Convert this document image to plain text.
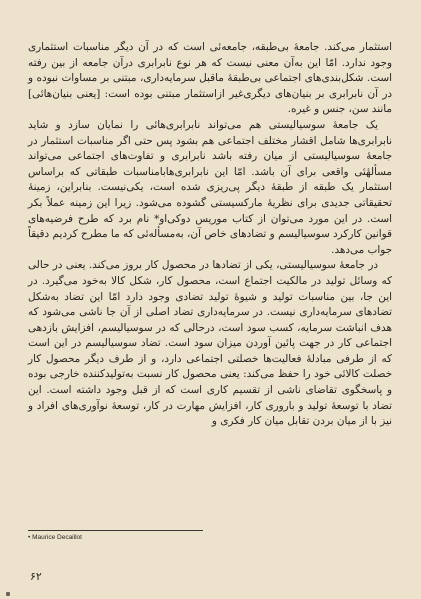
استثمار می‌کند. جامعهٔ بی‌طبقه، جامعه‌ئی است که در آن دیگر مناسبات استثماری وجود ندارد. امّا این به‌آن معنی نیست که هر نوع نابرابری درآن جامعه از بین رفته است. شکل‌بندی‌های اجتماعی بی‌طبقهٔ ماقبل سرمایه‌داری، مبتنی بر مساوات نبوده و در آن نابرابری بر بنیان‌های دیگری‌غیر ازاستثمار مبتنی بوده است: [یعنی بنیان‌هائی] مانند سن، جنس و غیره.

یک جامعهٔ سوسیالیستی هم می‌تواند نابرابری‌هائی را نمایان سازد و شاید نابرابری‌ها شامل اقشار مختلف اجتماعی هم بشود پس حتی اگر مناسبات استثمار در جامعهٔ سوسیالیستی از میان رفته باشد نابرابری و تفاوت‌های اجتماعی می‌تواند مسألهٔئی واقعی برای آن باشد. امّا این نابرابری‌هابامناسبات طبقاتی که براساس استثمار یک طبقه از طبقهٔ دیگر پی‌ریزی شده است، یکی‌نیست. بنابراین، زمینهٔ تحقیقاتی جدیدی برای نظریهٔ مارکسیستی گشوده می‌شود. زیرا این زمینه عملاً بکر است. در این مورد می‌توان از کتاب موریس دوکی‌او* نام برد که طرح فرضیه‌های قوانین کارکرد سوسیالیسم و تضادهای خاص آن، به‌مسأله‌ئی که ما مطرح کردیم دقیقاً جواب می‌دهد.

در جامعهٔ سوسیالیستی، یکی از تضادها در محصول کار بروز می‌کند. یعنی در حالی که وسائل تولید در مالکیت اجتماع است، محصول کار، شکل کالا به‌خود می‌گیرد. در این جا، بین مناسبات تولید و شیوهٔ تولید تضادی وجود دارد امّا این تضاد به‌شکل تضادهای سرمایه‌داری نیست. در سرمایه‌داری تضاد اصلی از آن جا ناشی می‌شود که هدف انباشت سرمایه، کسب سود است، درحالی که در سوسیالیسم، افزایش بازدهی اجتماعی کار در جهت پائین آوردن میزان سود است. تضاد سوسیالیسم در این است که از طرفی مبادلهٔ فعالیت‌ها خصلتی اجتماعی دارد، و از طرف دیگر محصول کار خصلت کالائی خود را حفظ می‌کند: یعنی محصول کار نسبت به‌تولیدکننده خارجی بوده و پاسخگوی تقاضای ناشی از تقسیم کاری است که از قبل وجود داشته است. این تضاد با توسعهٔ تولید و باروری کار، افزایش مهارت در کار، توسعهٔ نوآوری‌های افراد و نیز با از میان بردن تقابل میان کار فکری و

• Maurice Decaillot
۶۲
